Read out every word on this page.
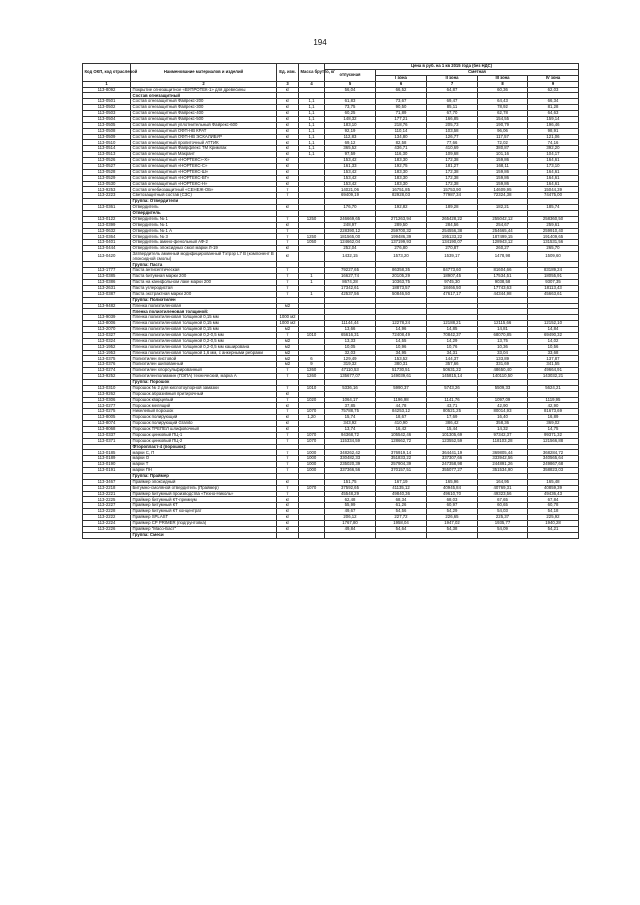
194
Код ОКП, код отраслевой	Наименование материалов и изделий	Ед. изм.	Масса брутто, кг	Цена в руб. на 1 кв 2015 года (без НДС)				
				отпускная	Сметная			
					I зона	II зона	III зона	IV зона
1	2	3	4	5	6	7	8	9
113-8092	Покрытие огнезащитное «ВУПРОТЕК-1» для древесины	кг		56,04	66,52	64,87	60,36	62,03
	Состав огнезащитный							
113-0501	Состав огнезащитный Файрекс-200	кг	1,1	61,83	73,67	69,47	64,43	66,34
113-0502	Состав огнезащитный Файрекс-300	кг	1,1	73,75	90,50	85,11	78,92	81,28
113-0503	Состав огнезащитный Файрекс-400	кг	1,1	60,25	71,89	67,70	62,78	64,63
113-0504	Состав огнезащитный Файрекс-500	кг	1,1	148,32	177,21	166,85	154,55	159,14
113-0505	Состав огнезащитный уплотнительный Файрекс-600	кг	1,1	183,10	218,76	205,73	190,79	196,46
113-0508	Состав огнезащитный ОФП-НВ КРАТ	кг	1,1	92,19	110,14	103,58	96,06	98,91
113-0509	Состав огнезащитный ОФП-НВ ЭСКАЛИБУР	кг	1,1	112,83	134,80	126,77	117,57	121,06
113-0510	Состав огнезащитный пропиточный АТТИК	кг	1,1	69,12	82,58	77,66	72,02	74,16
113-0514	Состав огнезащитный Файрфлекс ТМ Кримлак	кг	1,1	365,52	436,71	410,69	380,87	392,20
113-0513	Состав огнезащитный Макрант	кг	1,1	97,59	116,30	109,68	101,16	104,17
113-0526	Состав огнезащитный «НОРТЕКС»-Х»	кг		153,42	183,30	172,38	159,86	164,61
113-0527	Состав огнезащитный «НОРТЕКС-С»	кг		161,33	192,75	181,27	168,11	173,10
113-0528	Состав огнезащитный «НОРТЕКС-Ш»	кг		153,42	183,30	172,38	159,86	164,61
113-0529	Состав огнезащитный «НОРТЕКС-ВГ»	кг		153,42	183,30	172,38	159,86	164,61
113-0530	Состав огнезащитный «НОРТЕКС-Н»	кг		153,42	183,30	172,38	159,86	164,61
113-9253	Состав огнебиозащитный «СЕНЕЖ-ОБ»	т		14021,06	16751,85	15753,90	14609,95	15044,39
113-2223	Светозащитный состав (СЗС)	т		69409,19	82928,03	77987,34	72324,38	74475,00
	Группа: Отвердители							
113-0361	Отвердитель	кг		176,70	192,82	189,28	182,21	185,74
	Отвердитель							
113-0122	Отвердитель № 1	т	1250	246669,65	271263,94	265428,22	255042,12	258360,50
113-0399	Отвердитель № 1	кг		248,97	289,50	284,56	254,67	259,61
113-0632	Отвердитель № 1 А	т		228390,12	259700,32	254556,38	254665,44	259910,40
113-0364	Отвердитель № 3	т	1250	181565,00	199486,39	195133,22	187499,15	191409,65
113-0401	Отвердитель амино-фенольный АФ-2	т	1050	124662,04	137199,93	134190,07	128943,12	131531,56
113-0444	Отвердитель эпоксидных смол марки Л-19	кг		252,04	276,80	270,87	260,27	265,70
113-0420	Затвердитель аминный модифицированный Тэтрэр L7 В (компонент В эпоксидной смолы)	кг		1432,15	1573,20	1539,17	1478,98	1509,60
	Группа: Паста							
113-1777	Паста антисептическая	т		79227,65	86358,35	84773,60	81604,66	83189,24
113-0385	Паста битумная марки 200	т	1	16627,74	20105,29	18907,45	17534,51	18055,91
113-0386	Паста на канифольном лаке марки 200	т	1	8674,28	10363,75	9745,30	9038,58	9307,35
113-2631	Паста углеродистая	т		17342,61	18873,57	18466,50	17743,63	18113,43
113-0387	Паста экстрактная марки 200	т	1	42537,56	50846,50	47617,17	44344,98	45663,61
	Группа: Полиэтилен							
113-9482	Пленка полиэтиленовая	м2						
	Пленка полиэтиленовая толщиной:							
113-9039	Пленка полиэтиленовая толщиной 0,15 мм	1000 м2						
113-8006	Пленка полиэтиленовая толщиной 0,15 мм	1000 м2		11144,44	12278,24	12188,21	12115,66	12152,10
113-2070	Пленка полиэтиленовая толщиной 0,15 мм	м2		13,66	14,96	14,85	14,81	14,84
113-0327	Пленка полиэтиленовая толщиной 0,2-0,5 мм	т	1010	65616,31	72408,49	70842,37	68070,85	69490,32
113-0324	Пленка полиэтиленовая толщиной 0,2-0,5 мм	м2		13,33	14,55	14,29	13,75	14,02
113-1952	Пленка полиэтиленовая толщиной 0,2-0,5 мм каширована	м2		10,05	10,96	10,76	10,36	10,56
113-1953	Пленка полиэтиленовая толщиной 1,6 мм, с анкерными ребрами	м2		32,03	34,95	34,31	33,04	33,68
113-0375	Полиэтилен листовой	м2	6	129,49	153,52	144,37	133,89	137,87
113-0376	Полиэтилен шипованный	м2	9	319,32	380,31	357,66	331,69	341,55
113-0274	Полиэтилен хлорсульфированный	т	1260	47110,53	51730,51	50631,22	48650,40	49664,91
113-9252	Полиэтиленполиамин (ПЭПА) технический, марка А	т	1260	135677,07	149039,61	145815,14	140110,50	143032,21
	Группа: Порошок							
113-0310	Порошок № 2 для кислотоупорной замазки	т	1010	5336,16	5990,37	5743,26	5509,33	5624,21
113-9262	Порошок абразивный притирочный	кг						
113-0306	Порошок кварцевый	т	1020	1064,17	1196,98	1141,76	1097,09	1119,95
113-0277	Порошок мелящий	кг		37,85	44,78	43,71	42,90	42,90
113-0275	Никелевый порошок	т	1070	75788,75	84253,12	80521,25	80014,93	81673,69
113-8005	Порошок полирующий	кг	1,20	15,74	18,67	17,69	16,40	16,89
113-8074	Порошок полирующий Granito	кг		343,92	410,90	386,42	358,36	369,02
113-8068	Порошок ТРЕПЕЛ шлифовочный	кг		13,74	16,42	15,44	14,32	14,75
113-0337	Порошок цинковый ПЦ-1	т	1070	94368,72	105542,46	101305,69	97342,37	99371,32
113-0371	Порошок цинковый ПЦ-2	т	1070	115334,59	128662,72	123552,59	118103,28	121566,88
	Фторопласт-4 (порошок):							
113-0185	марки С, П	т	1000	348262,42	376919,14	364441,19	369805,44	368284,72
113-0189	марки О	т	1000	330482,33	351833,22	337307,66	333942,56	340565,64
113-0190	марки Т	т	1000	235020,39	257904,39	247358,98	244891,26	249867,68
113-0191	марки ПН	т	1000	337366,56	370157,51	355077,27	351534,90	358823,03
	Группа: Праймер							
113-3467	Праймер эпоксидный	кг		151,75	167,19	165,96	164,95	165,48
113-2218	Битумно-смоляной отвердитель (Праймер)	т	1070	37592,65	41135,12	40945,84	40769,31	40859,39
113-2221	Праймер битумный производства «Техно-Николь»	т		45548,29	49840,36	49610,70	49323,56	49436,43
113-2225	Праймер битумный КТ-премиум	кг		62,48	68,34	68,03	67,65	67,84
113-2227	Праймер битумный КТ	кг		55,99	61,26	60,97	60,65	60,78
113-2228	Праймер битумный КТ концентрат	кг		49,67	54,56	54,29	54,03	54,18
113-2222	Праймер SPLAST	кг		206,12	227,72	226,65	225,37	225,92
113-2224	Праймер СР PRIMER (подгрунтовка)	кг		1767,80	1958,04	1947,02	1935,77	1940,28
113-2226	Праймер "Масо-Баст"	кг		49,84	54,64	54,38	54,09	54,21
	Группа: Смеси							
